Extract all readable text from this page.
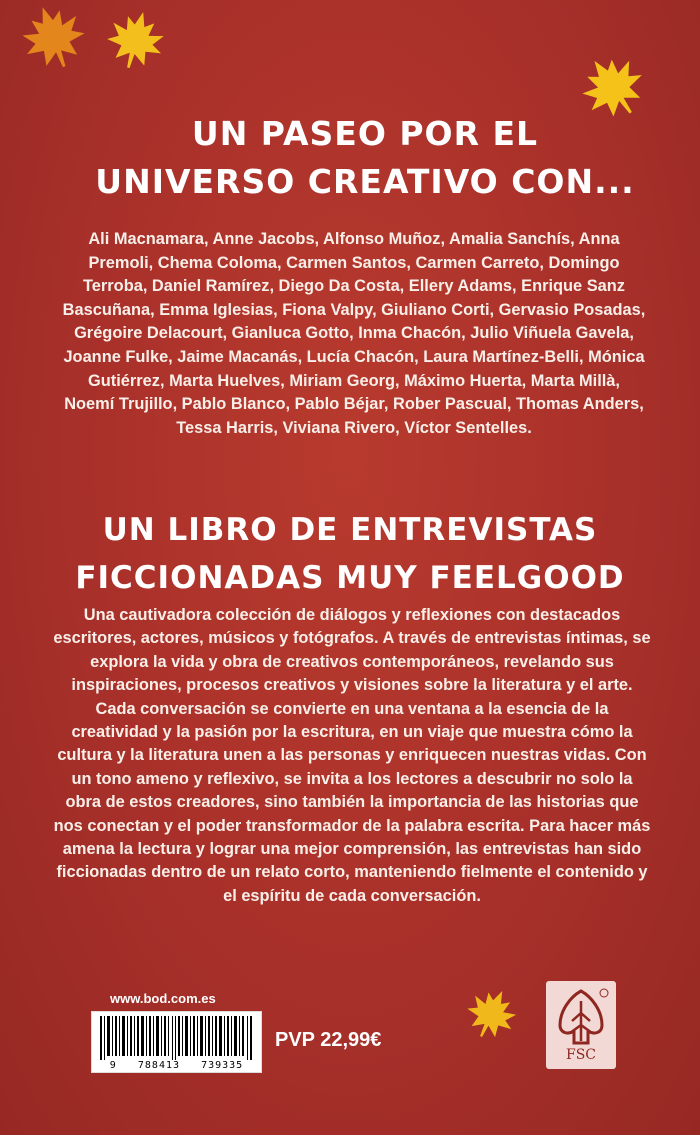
UN PASEO POR EL UNIVERSO CREATIVO CON...

Ali Macnamara, Anne Jacobs, Alfonso Muñoz, Amalia Sanchís, Anna Premoli, Chema Coloma, Carmen Santos, Carmen Carreto, Domingo Terroba, Daniel Ramírez, Diego Da Costa, Ellery Adams, Enrique Sanz Bascuñana, Emma Iglesias, Fiona Valpy, Giuliano Corti, Gervasio Posadas, Grégoire Delacourt, Gianluca Gotto, Inma Chacón, Julio Viñuela Gavela, Joanne Fulke, Jaime Macanás, Lucía Chacón, Laura Martínez-Belli, Mónica Gutiérrez, Marta Huelves, Miriam Georg, Máximo Huerta, Marta Millà, Noemí Trujillo, Pablo Blanco, Pablo Béjar, Rober Pascual, Thomas Anders, Tessa Harris, Viviana Rivero, Víctor Sentelles.

UN LIBRO DE ENTREVISTAS FICCIONADAS MUY FEELGOOD

Una cautivadora colección de diálogos y reflexiones con destacados escritores, actores, músicos y fotógrafos. A través de entrevistas íntimas, se explora la vida y obra de creativos contemporáneos, revelando sus inspiraciones, procesos creativos y visiones sobre la literatura y el arte. Cada conversación se convierte en una ventana a la esencia de la creatividad y la pasión por la escritura, en un viaje que muestra cómo la cultura y la literatura unen a las personas y enriquecen nuestras vidas. Con un tono ameno y reflexivo, se invita a los lectores a descubrir no solo la obra de estos creadores, sino también la importancia de las historias que nos conectan y el poder transformador de la palabra escrita. Para hacer más amena la lectura y lograr una mejor comprensión, las entrevistas han sido ficcionadas dentro de un relato corto, manteniendo fielmente el contenido y el espíritu de cada conversación.

www.bod.com.es
9   788413   739335
PVP 22,99€
FSC
